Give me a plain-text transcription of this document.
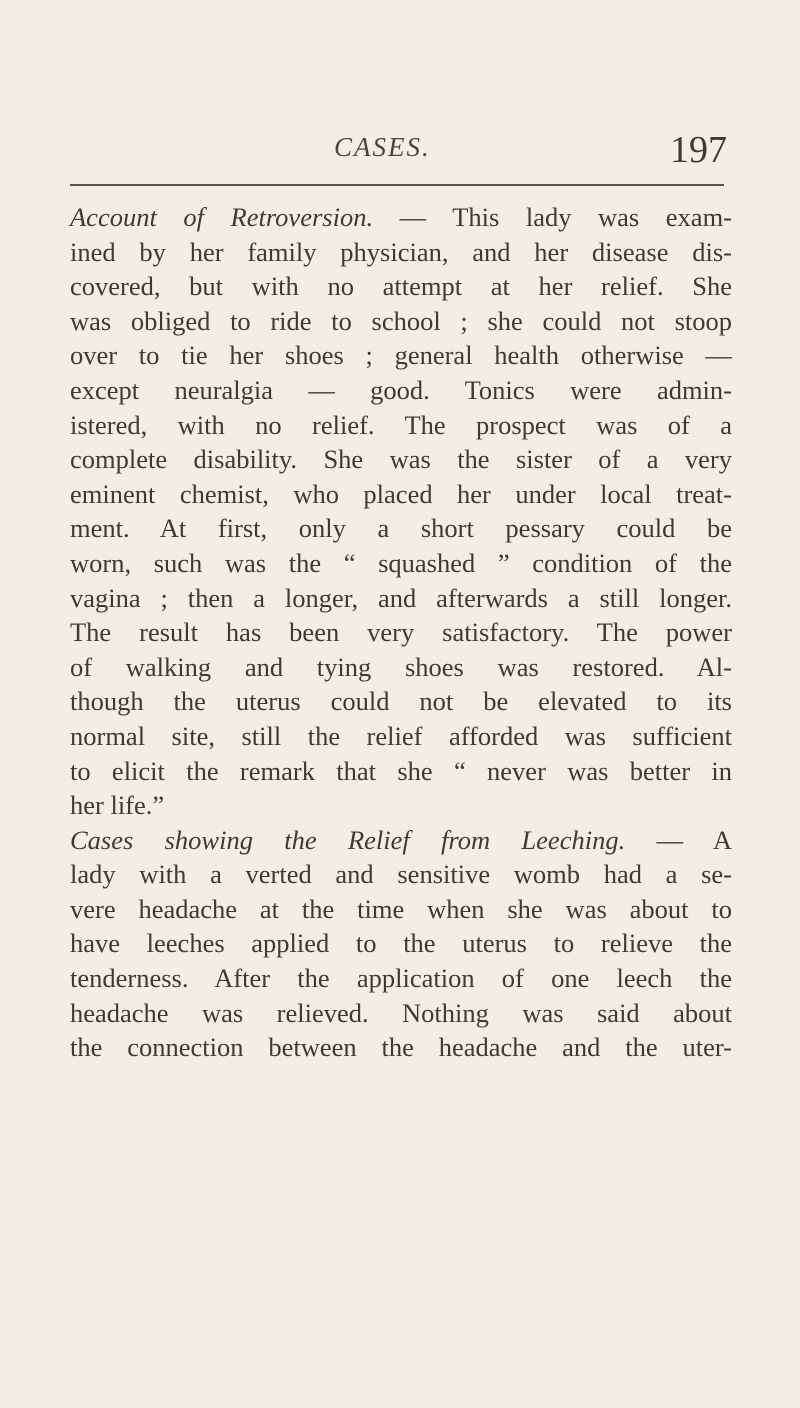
CASES.	197
Account of Retroversion. — This lady was exam-
ined by her family physician, and her disease dis-
covered, but with no attempt at her relief. She
was obliged to ride to school ; she could not stoop
over to tie her shoes ; general health otherwise —
except neuralgia — good. Tonics were admin-
istered, with no relief. The prospect was of a
complete disability. She was the sister of a very
eminent chemist, who placed her under local treat-
ment. At first, only a short pessary could be
worn, such was the “ squashed ” condition of the
vagina ; then a longer, and afterwards a still longer.
The result has been very satisfactory. The power
of walking and tying shoes was restored. Al-
though the uterus could not be elevated to its
normal site, still the relief afforded was sufficient
to elicit the remark that she “ never was better in
her life.”
Cases showing the Relief from Leeching. — A
lady with a verted and sensitive womb had a se-
vere headache at the time when she was about to
have leeches applied to the uterus to relieve the
tenderness. After the application of one leech the
headache was relieved. Nothing was said about
the connection between the headache and the uter-
